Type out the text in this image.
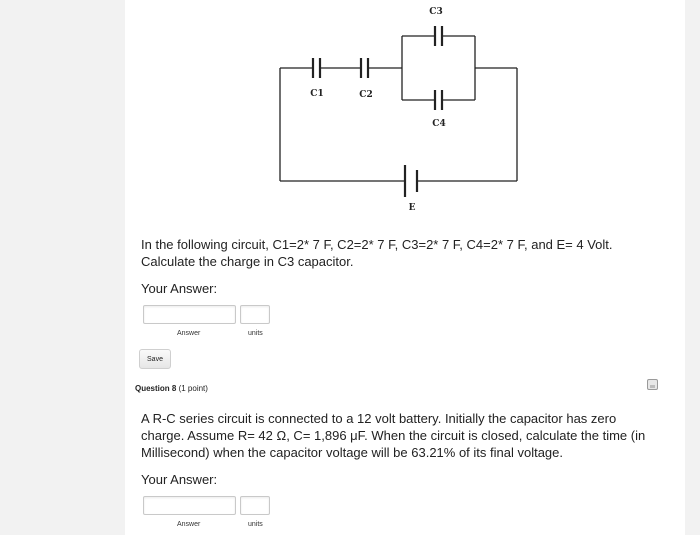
C3
C1	C2
C4
E

In the following circuit, C1=2* 7 F, C2=2* 7 F, C3=2* 7 F, C4=2* 7 F, and E= 4 Volt. Calculate the charge in C3 capacitor.

Your Answer:

Answer	units
Save

Question 8 (1 point)

A R-C series circuit is connected to a 12 volt battery. Initially the capacitor has zero charge. Assume R= 42 Ω, C= 1,896 μF. When the circuit is closed, calculate the time (in Millisecond) when the capacitor voltage will be 63.21% of its final voltage.

Your Answer:

Answer	units
